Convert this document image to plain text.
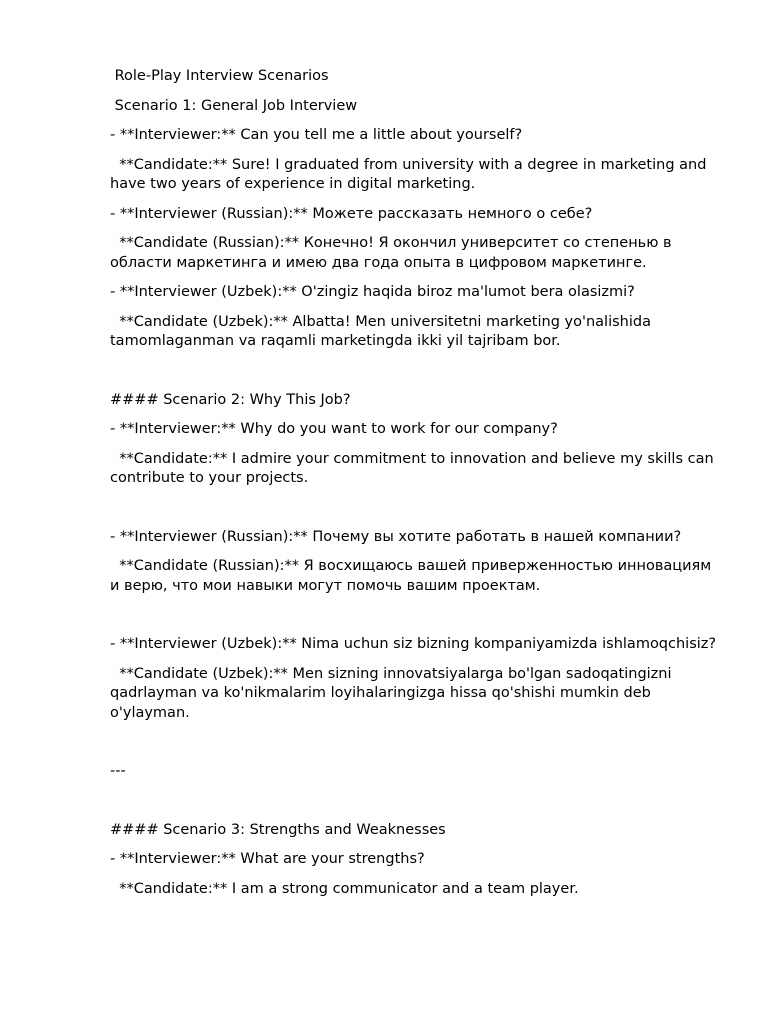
Role-Play Interview Scenarios

Scenario 1: General Job Interview

- **Interviewer:** Can you tell me a little about yourself?

**Candidate:** Sure! I graduated from university with a degree in marketing and have two years of experience in digital marketing.

- **Interviewer (Russian):** Можете рассказать немного о себе?

**Candidate (Russian):** Конечно! Я окончил университет со степенью в области маркетинга и имею два года опыта в цифровом маркетинге.

- **Interviewer (Uzbek):** O'zingiz haqida biroz ma'lumot bera olasizmi?

**Candidate (Uzbek):** Albatta! Men universitetni marketing yo'nalishida tamomlaganman va raqamli marketingda ikki yil tajribam bor.

#### Scenario 2: Why This Job?

- **Interviewer:** Why do you want to work for our company?

**Candidate:** I admire your commitment to innovation and believe my skills can contribute to your projects.

- **Interviewer (Russian):** Почему вы хотите работать в нашей компании?

**Candidate (Russian):** Я восхищаюсь вашей приверженностью инновациям и верю, что мои навыки могут помочь вашим проектам.

- **Interviewer (Uzbek):** Nima uchun siz bizning kompaniyamizda ishlamoqchisiz?

**Candidate (Uzbek):** Men sizning innovatsiyalarga bo'lgan sadoqatingizni qadrlayman va ko'nikmalarim loyihalaringizga hissa qo'shishi mumkin deb o'ylayman.

---

#### Scenario 3: Strengths and Weaknesses

- **Interviewer:** What are your strengths?

**Candidate:** I am a strong communicator and a team player.
